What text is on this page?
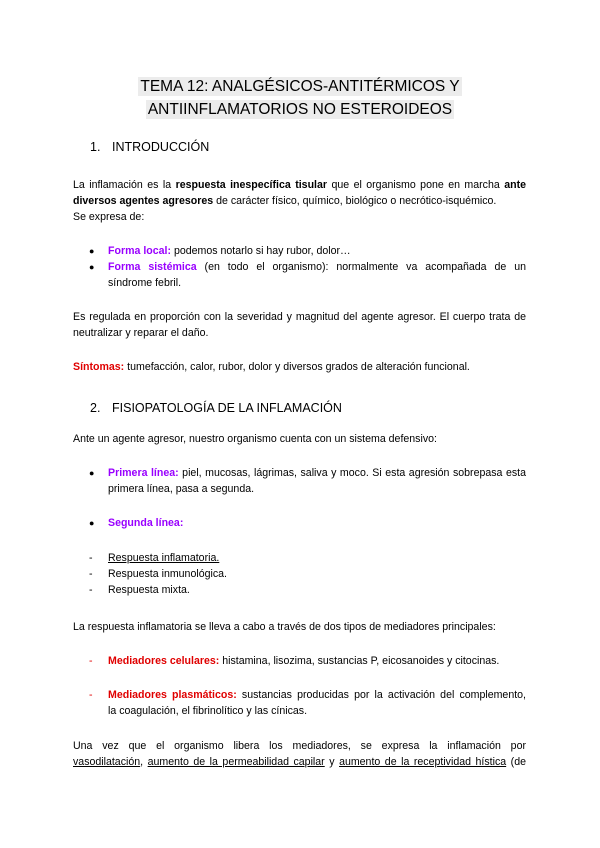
TEMA 12: ANALGÉSICOS-ANTITÉRMICOS Y
ANTIINFLAMATORIOS NO ESTEROIDEOS
1. INTRODUCCIÓN
La inflamación es la respuesta inespecífica tisular que el organismo pone en marcha ante
diversos agentes agresores de carácter físico, químico, biológico o necrótico-isquémico.
Se expresa de:
● Forma local: podemos notarlo si hay rubor, dolor…
● Forma sistémica (en todo el organismo): normalmente va acompañada de un
síndrome febril.
Es regulada en proporción con la severidad y magnitud del agente agresor. El cuerpo trata de
neutralizar y reparar el daño.
Síntomas: tumefacción, calor, rubor, dolor y diversos grados de alteración funcional.
2. FISIOPATOLOGÍA DE LA INFLAMACIÓN
Ante un agente agresor, nuestro organismo cuenta con un sistema defensivo:
● Primera línea: piel, mucosas, lágrimas, saliva y moco. Si esta agresión sobrepasa esta
primera línea, pasa a segunda.
● Segunda línea:
- Respuesta inflamatoria.
- Respuesta inmunológica.
- Respuesta mixta.
La respuesta inflamatoria se lleva a cabo a través de dos tipos de mediadores principales:
- Mediadores celulares: histamina, lisozima, sustancias P, eicosanoides y citocinas.
- Mediadores plasmáticos: sustancias producidas por la activación del complemento,
la coagulación, el fibrinolítico y las cínicas.
Una vez que el organismo libera los mediadores, se expresa la inflamación por
vasodilatación, aumento de la permeabilidad capilar y aumento de la receptividad hística (de
